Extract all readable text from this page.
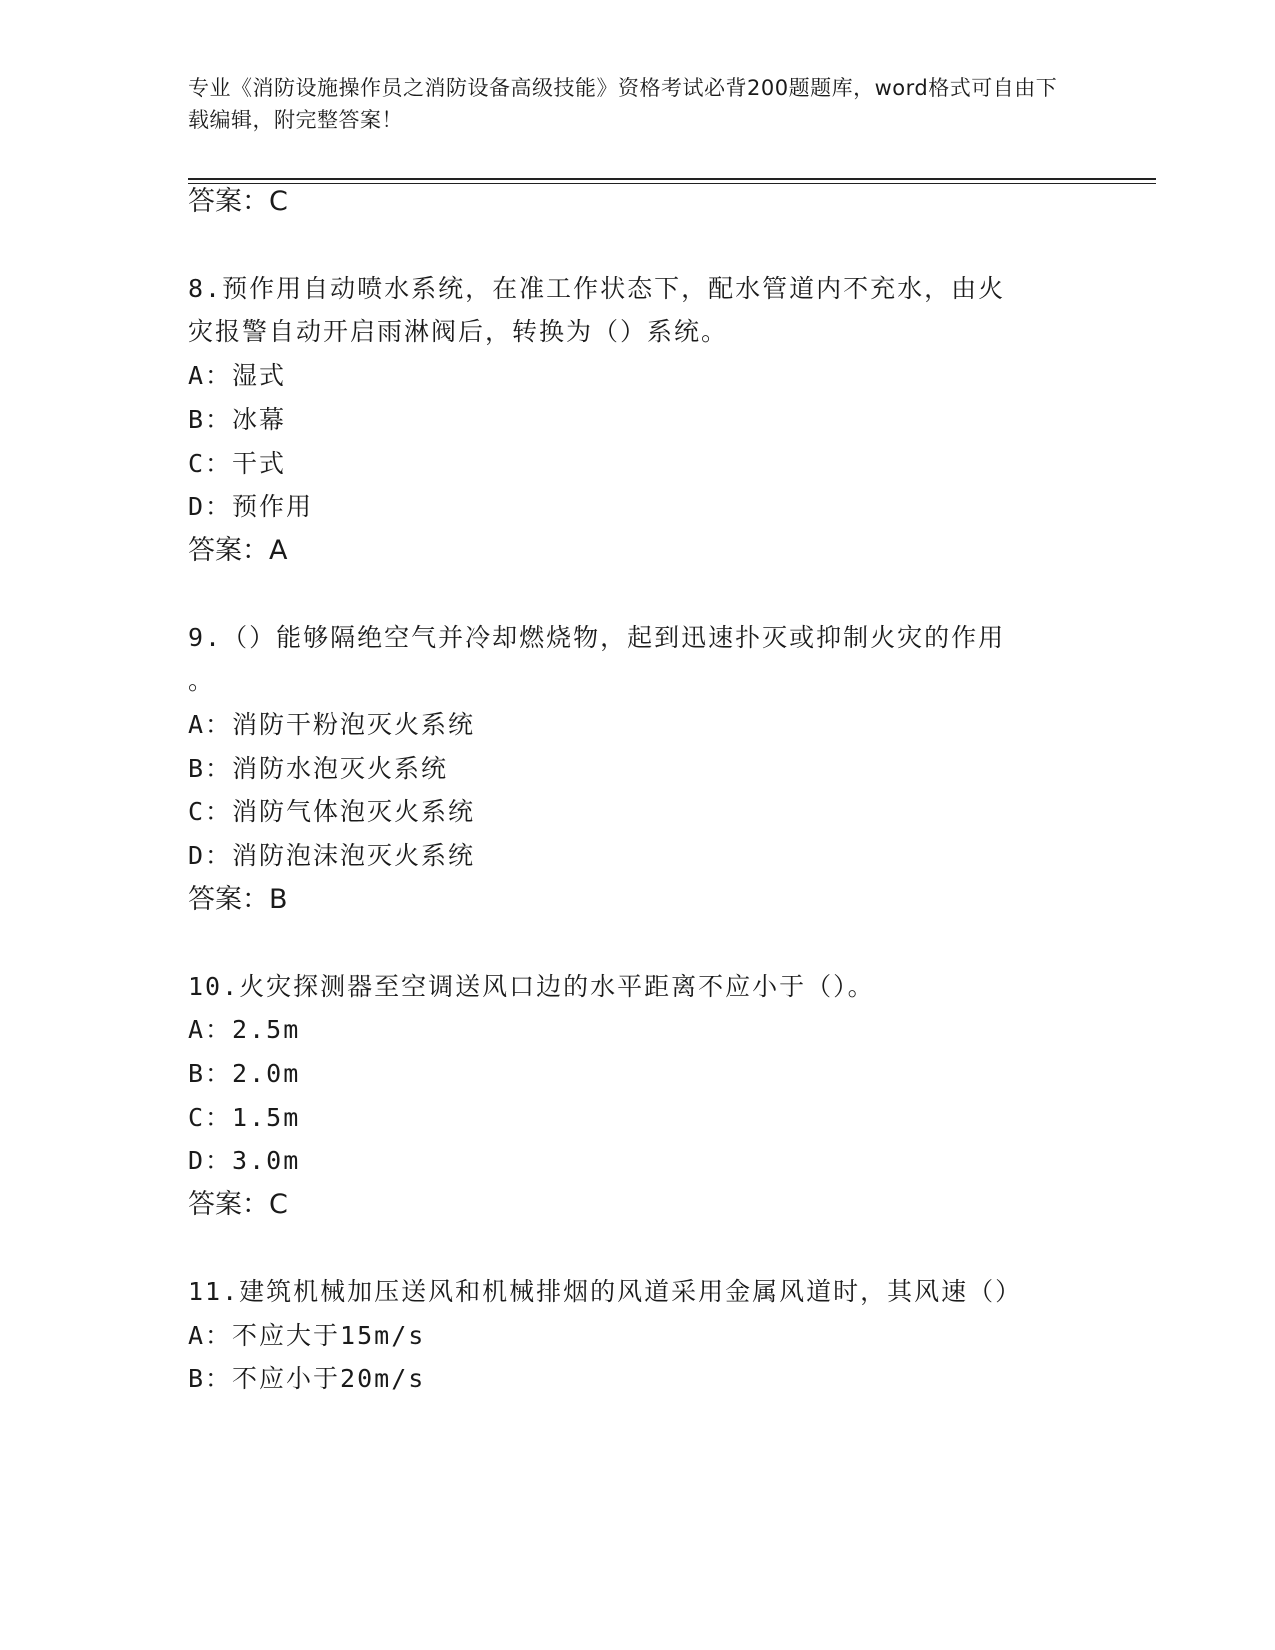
专业《消防设施操作员之消防设备高级技能》资格考试必背200题题库，word格式可自由下载编辑，附完整答案！
答案：C
8.预作用自动喷水系统，在准工作状态下，配水管道内不充水，由火
灾报警自动开启雨淋阀后，转换为（）系统。
A：湿式
B：冰幕
C：干式
D：预作用
答案：A
9.（）能够隔绝空气并冷却燃烧物，起到迅速扑灭或抑制火灾的作用
。
A：消防干粉泡灭火系统
B：消防水泡灭火系统
C：消防气体泡灭火系统
D：消防泡沫泡灭火系统
答案：B
10.火灾探测器至空调送风口边的水平距离不应小于（）。
A：2.5m
B：2.0m
C：1.5m
D：3.0m
答案：C
11.建筑机械加压送风和机械排烟的风道采用金属风道时，其风速（）
A：不应大于15m/s
B：不应小于20m/s
